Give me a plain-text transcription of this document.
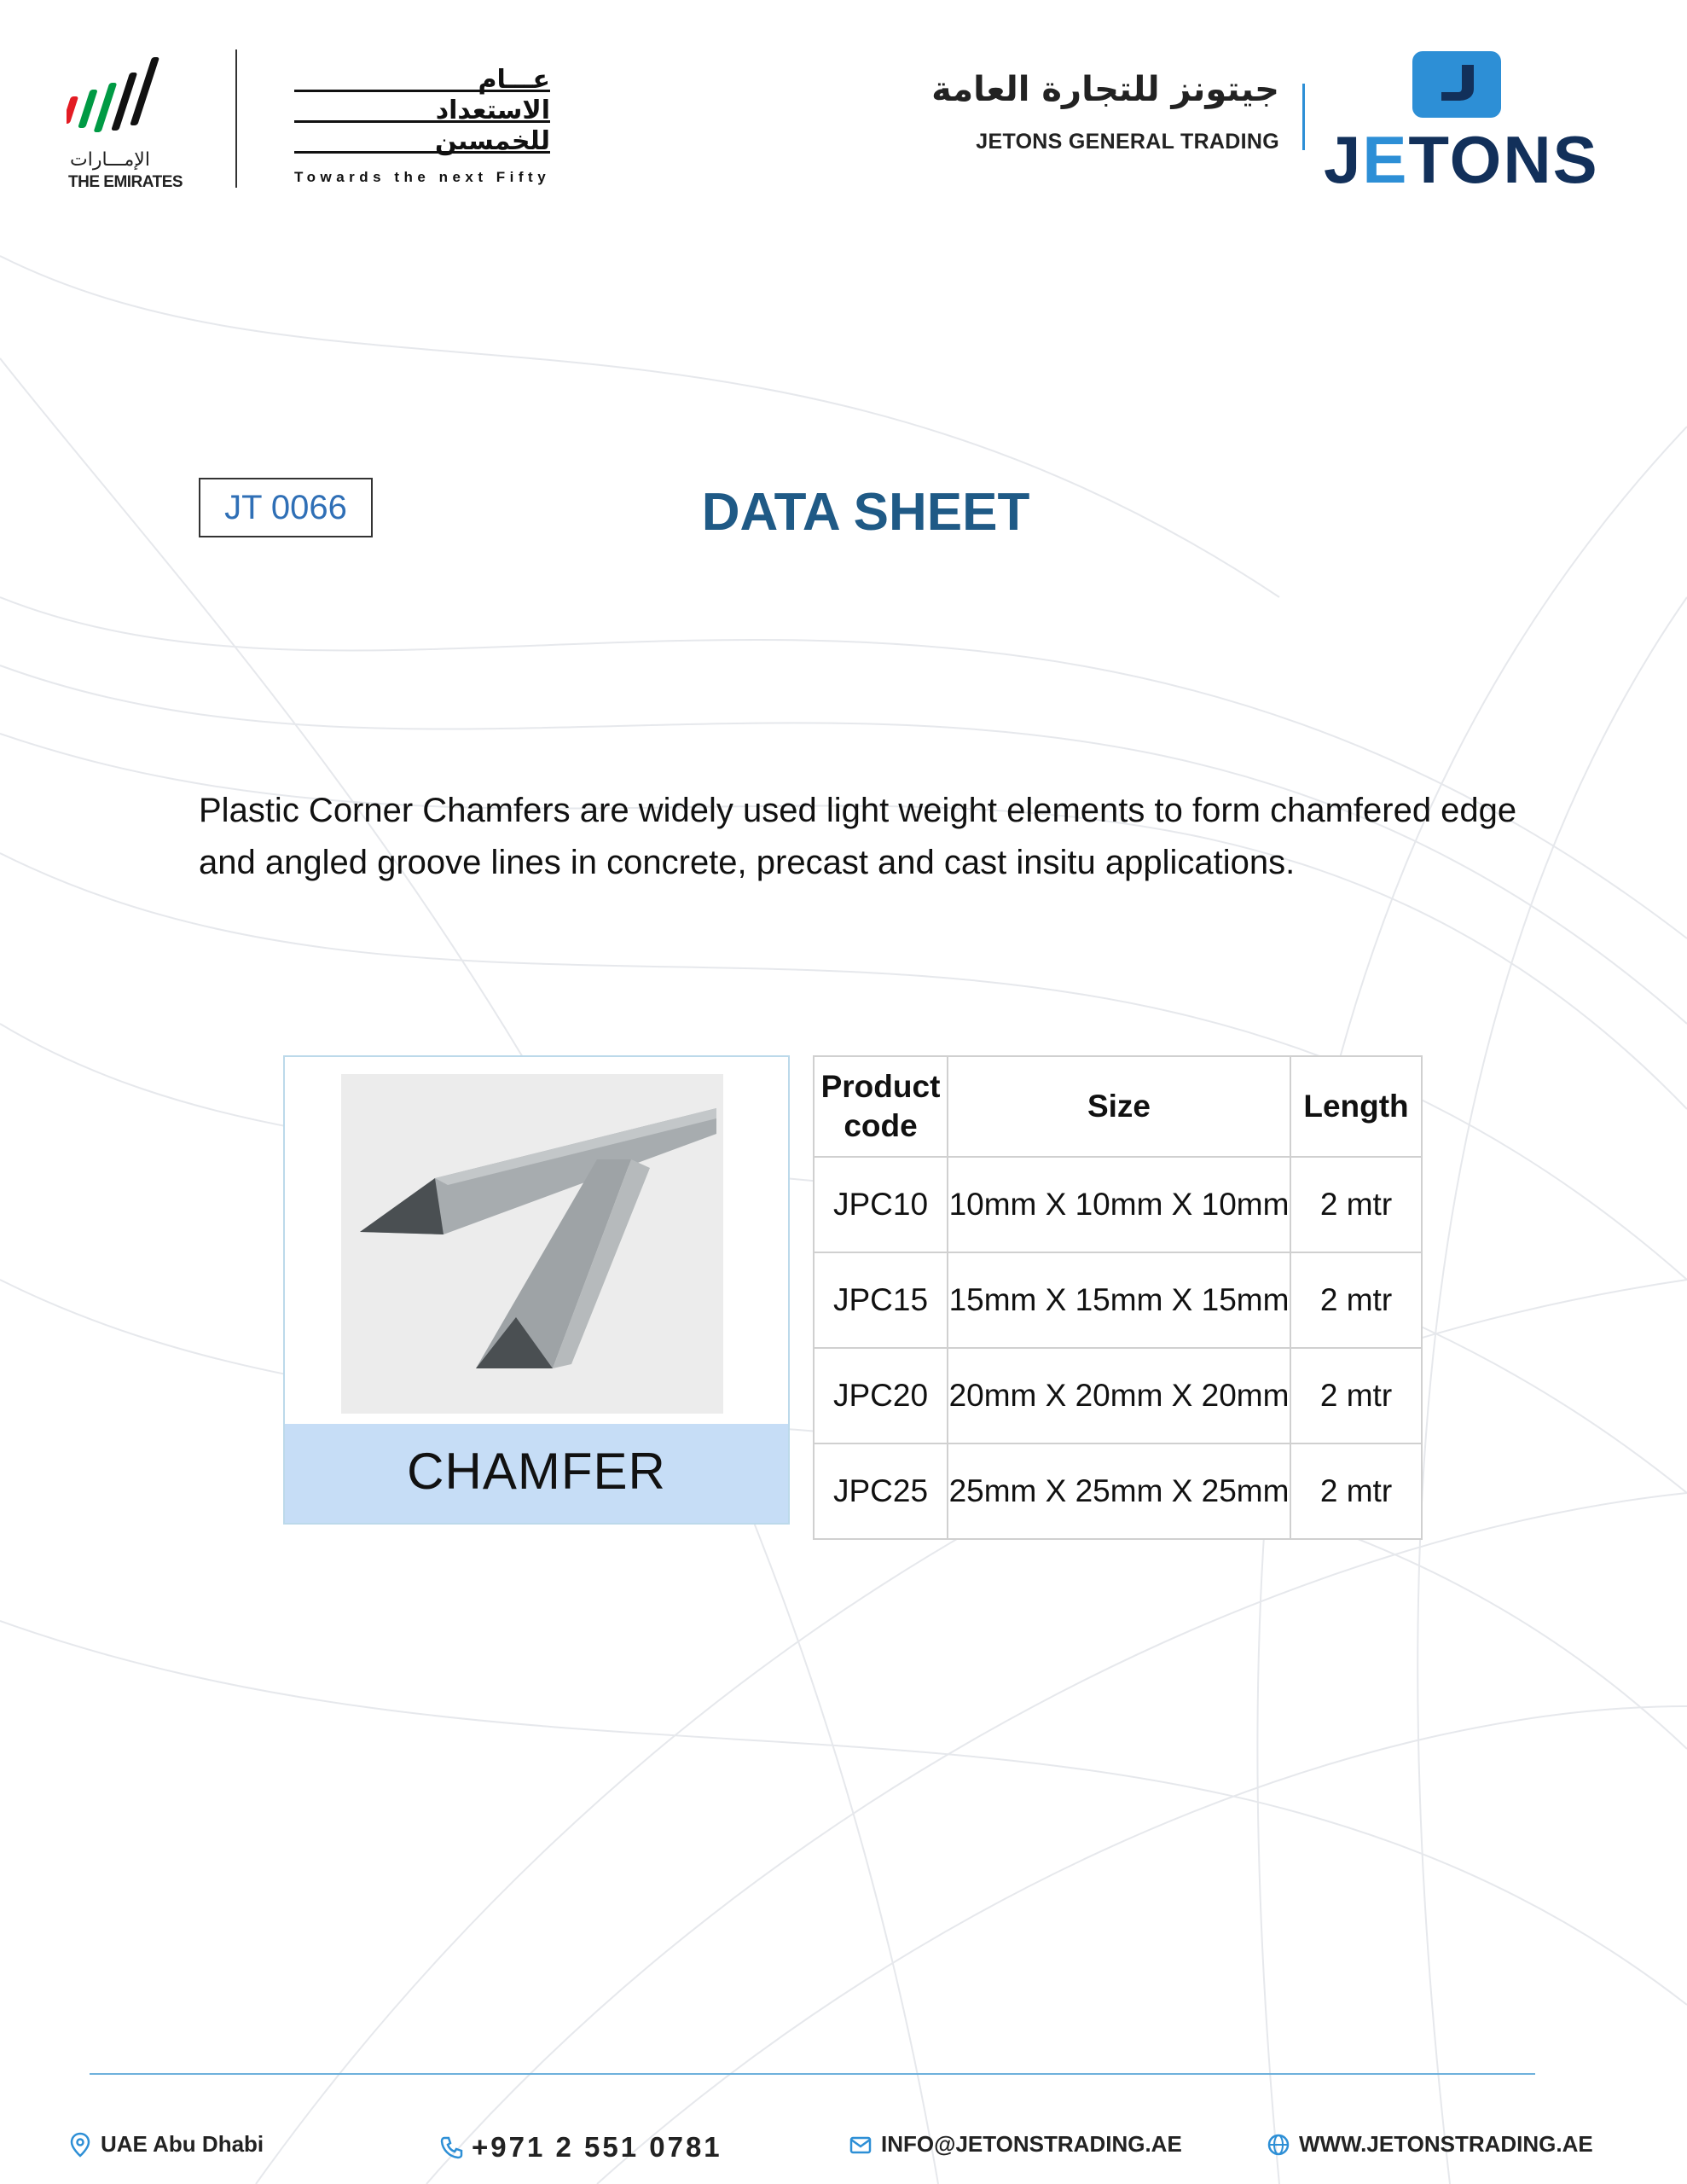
الإمـــارات
THE EMIRATES
عـــام
الاستعداد
للخمسين
Towards the next Fifty
جيتونز للتجارة العامة
JETONS GENERAL TRADING JETONS
JT 0066	DATA SHEET
Plastic Corner Chamfers are widely used light weight elements to form chamfered edge and angled groove lines in concrete, precast and cast insitu applications.
CHAMFER
Product
code	Size	Length
JPC10	10mm X 10mm X 10mm	2 mtr
JPC15	15mm X 15mm X 15mm	2 mtr
JPC20	20mm X 20mm X 20mm	2 mtr
JPC25	25mm X 25mm X 25mm	2 mtr
UAE Abu Dhabi	+971 2 551 0781	INFO@JETONSTRADING.AE	WWW.JETONSTRADING.AE
